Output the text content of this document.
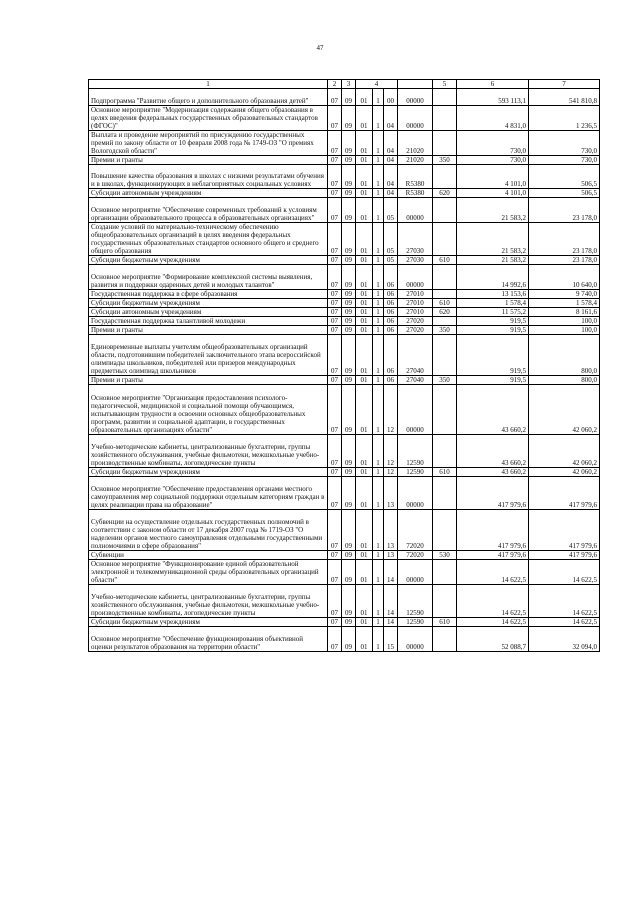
47
1	2	3	4				5	6	7
Подпрограмма "Развитие общего и дополнительного образования детей"	07	09	01	1	00	00000		593 113,1	541 810,8
Основное мероприятие "Модернизация содержания общего образования в целях введения федеральных государственных образовательных стандартов (ФГОС)"	07	09	01	1	04	00000		4 831,0	1 236,5
Выплата и проведение мероприятий по присуждению государственных премий по закону области от 10 февраля 2008 года № 1749-ОЗ "О премиях Вологодской области"	07	09	01	1	04	21020		730,0	730,0
Премии и гранты	07	09	01	1	04	21020	350	730,0	730,0
Повышение качества образования в школах с низкими результатами обучения и в школах, функционирующих в неблагоприятных социальных условиях	07	09	01	1	04	R5380		4 101,0	506,5
Субсидии автономным учреждениям	07	09	01	1	04	R5380	620	4 101,0	506,5
Основное мероприятие "Обеспечение современных требований к условиям организации образовательного процесса в образовательных организациях"	07	09	01	1	05	00000		21 583,2	23 178,0
Создание условий по материально-техническому обеспечению общеобразовательных организаций в целях введения федеральных государственных образовательных стандартов основного общего и среднего общего образования	07	09	01	1	05	27030		21 583,2	23 178,0
Субсидии бюджетным учреждениям	07	09	01	1	05	27030	610	21 583,2	23 178,0
Основное мероприятие "Формирование комплексной системы выявления, развития и поддержки одаренных детей и молодых талантов"	07	09	01	1	06	00000		14 992,6	10 640,0
Государственная поддержка в сфере образования	07	09	01	1	06	27010		13 153,6	9 740,0
Субсидии бюджетным учреждениям	07	09	01	1	06	27010	610	1 578,4	1 578,4
Субсидии автономным учреждениям	07	09	01	1	06	27010	620	11 575,2	8 161,6
Государственная поддержка талантливой молодежи	07	09	01	1	06	27020		919,5	100,0
Премии и гранты	07	09	01	1	06	27020	350	919,5	100,0
Единовременные выплаты учителям общеобразовательных организаций области, подготовившим победителей заключительного этапа всероссийской олимпиады школьников, победителей или призеров международных предметных олимпиад школьников	07	09	01	1	06	27040		919,5	800,0
Премии и гранты	07	09	01	1	06	27040	350	919,5	800,0
Основное мероприятие "Организация предоставления психолого-педагогической, медицинской и социальной помощи обучающимся, испытывающим трудности в освоении основных общеобразовательных программ, развитии и социальной адаптации, в государственных образовательных организациях области"	07	09	01	1	12	00000		43 660,2	42 060,2
Учебно-методические кабинеты, централизованные бухгалтерии, группы хозяйственного обслуживания, учебные фильмотеки, межшкольные учебно-производственные комбинаты, логопедические пункты	07	09	01	1	12	12590		43 660,2	42 060,2
Субсидии бюджетным учреждениям	07	09	01	1	12	12590	610	43 660,2	42 060,2
Основное мероприятие "Обеспечение предоставления органами местного самоуправления мер социальной поддержки отдельным категориям граждан в целях реализации права на образование"	07	09	01	1	13	00000		417 979,6	417 979,6
Субвенции на осуществление отдельных государственных полномочий в соответствии с законом области от 17 декабря 2007 года № 1719-ОЗ "О наделении органов местного самоуправления отдельными государственными полномочиями в сфере образования"	07	09	01	1	13	72020		417 979,6	417 979,6
Субвенции	07	09	01	1	13	72020	530	417 979,6	417 979,6
Основное мероприятие "Функционирование единой образовательной электронной и телекоммуникационной среды образовательных организаций области"	07	09	01	1	14	00000		14 622,5	14 622,5
Учебно-методические кабинеты, централизованные бухгалтерии, группы хозяйственного обслуживания, учебные фильмотеки, межшкольные учебно-производственные комбинаты, логопедические пункты	07	09	01	1	14	12590		14 622,5	14 622,5
Субсидии бюджетным учреждениям	07	09	01	1	14	12590	610	14 622,5	14 622,5
Основное мероприятие "Обеспечение функционирования объективной оценки результатов образования на территории области"	07	09	01	1	15	00000		52 088,7	32 094,0
